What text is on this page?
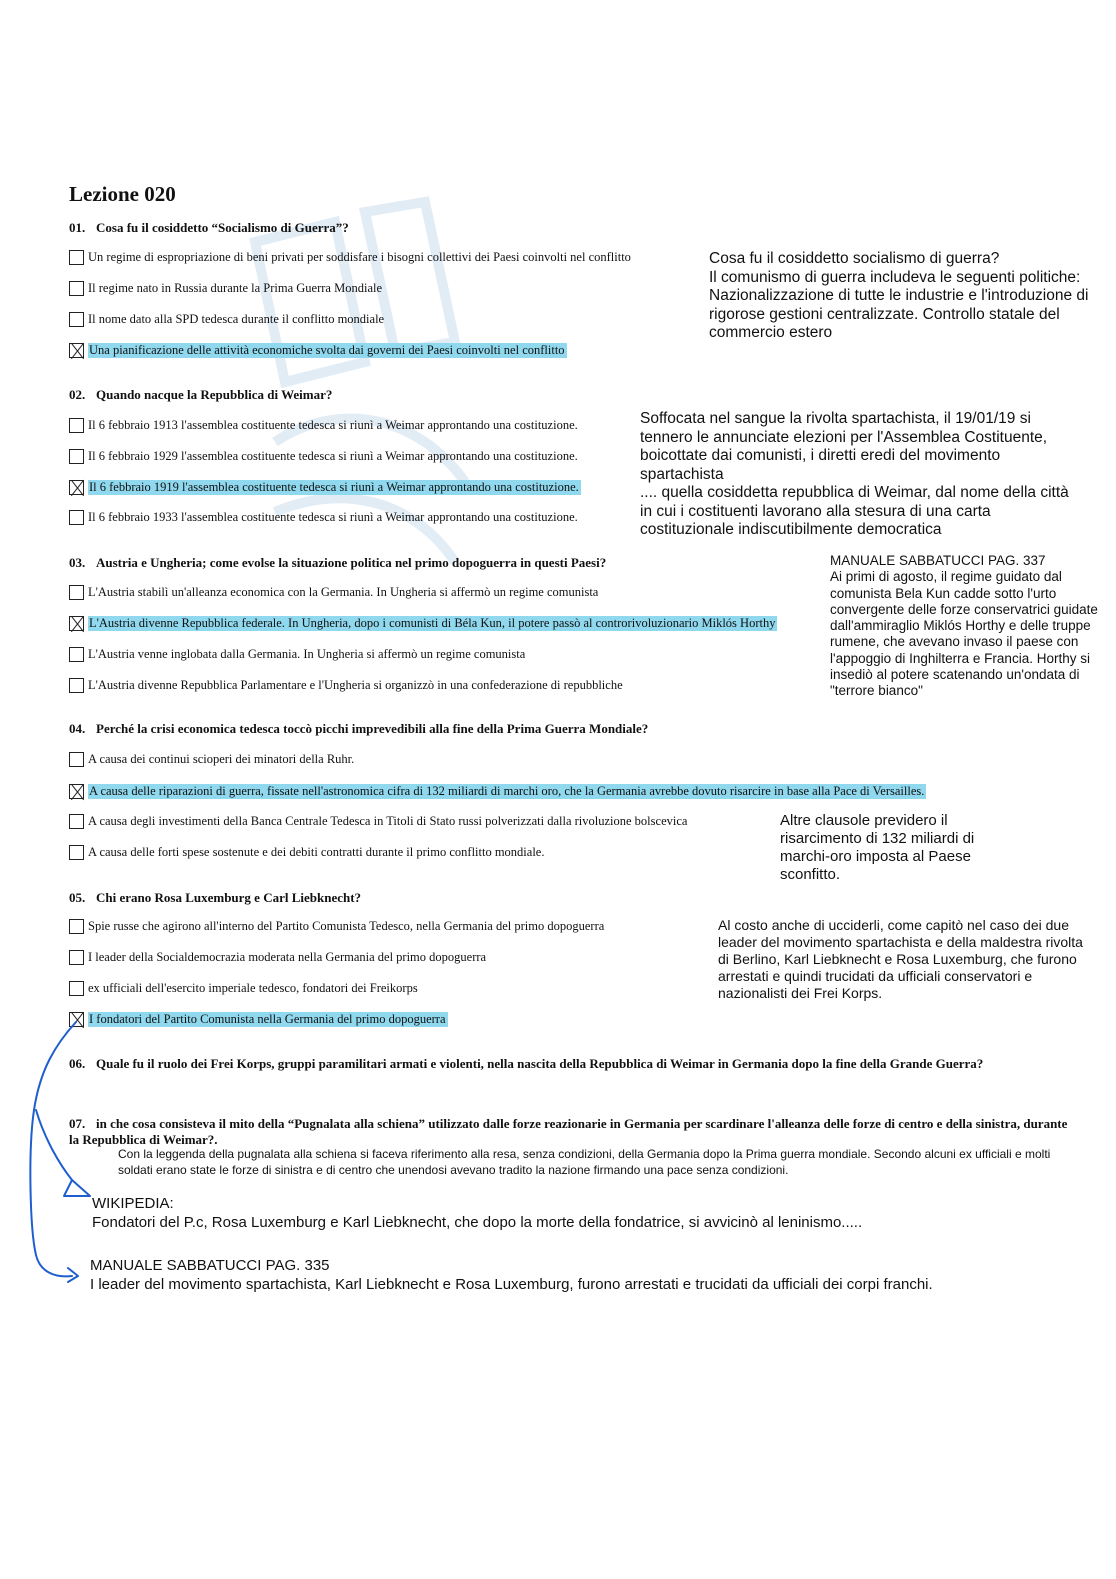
Lezione 020
01. Cosa fu il cosiddetto “Socialismo di Guerra”?
Un regime di espropriazione di beni privati per soddisfare i bisogni collettivi dei Paesi coinvolti nel conflitto
Il regime nato in Russia durante la Prima Guerra Mondiale
Il nome dato alla SPD tedesca durante il conflitto mondiale
Una pianificazione delle attività economiche svolta dai governi dei Paesi coinvolti nel conflitto
02. Quando nacque la Repubblica di Weimar?
Il 6 febbraio 1913 l'assemblea costituente tedesca si riunì a Weimar approntando una costituzione.
Il 6 febbraio 1929 l'assemblea costituente tedesca si riunì a Weimar approntando una costituzione.
Il 6 febbraio 1919 l'assemblea costituente tedesca si riunì a Weimar approntando una costituzione.
Il 6 febbraio 1933 l'assemblea costituente tedesca si riunì a Weimar approntando una costituzione.
03. Austria e Ungheria; come evolse la situazione politica nel primo dopoguerra in questi Paesi?
L'Austria stabilì un'alleanza economica con la Germania. In Ungheria si affermò un regime comunista
L'Austria divenne Repubblica federale. In Ungheria, dopo i comunisti di Béla Kun, il potere passò al controrivoluzionario Miklós Horthy
L'Austria venne inglobata dalla Germania. In Ungheria si affermò un regime comunista
L'Austria divenne Repubblica Parlamentare e l'Ungheria si organizzò in una confederazione di repubbliche
04. Perché la crisi economica tedesca toccò picchi imprevedibili alla fine della Prima Guerra Mondiale?
A causa dei continui scioperi dei minatori della Ruhr.
A causa delle riparazioni di guerra, fissate nell'astronomica cifra di 132 miliardi di marchi oro, che la Germania avrebbe dovuto risarcire in base alla Pace di Versailles.
A causa degli investimenti della Banca Centrale Tedesca in Titoli di Stato russi polverizzati dalla rivoluzione bolscevica
A causa delle forti spese sostenute e dei debiti contratti durante il primo conflitto mondiale.
05. Chi erano Rosa Luxemburg e Carl Liebknecht?
Spie russe che agirono all'interno del Partito Comunista Tedesco, nella Germania del primo dopoguerra
I leader della Socialdemocrazia moderata nella Germania del primo dopoguerra
ex ufficiali dell'esercito imperiale tedesco, fondatori dei Freikorps
I fondatori del Partito Comunista nella Germania del primo dopoguerra
06. Quale fu il ruolo dei Frei Korps, gruppi paramilitari armati e violenti, nella nascita della Repubblica di Weimar in Germania dopo la fine della Grande Guerra?
07. in che cosa consisteva il mito della “Pugnalata alla schiena” utilizzato dalle forze reazionarie in Germania per scardinare l'alleanza delle forze di centro e della sinistra, durante la Repubblica di Weimar?.
Cosa fu il cosiddetto socialismo di guerra?
Il comunismo di guerra includeva le seguenti politiche: Nazionalizzazione di tutte le industrie e l'introduzione di rigorose gestioni centralizzate. Controllo statale del commercio estero
Soffocata nel sangue la rivolta spartachista, il 19/01/19 si tennero le annunciate elezioni per l'Assemblea Costituente, boicottate dai comunisti, i diretti eredi del movimento spartachista
.... quella cosiddetta repubblica di Weimar, dal nome della città in cui i costituenti lavorano alla stesura di una carta costituzionale indiscutibilmente democratica
MANUALE SABBATUCCI PAG. 337
Ai primi di agosto, il regime guidato dal comunista Bela Kun cadde sotto l'urto convergente delle forze conservatrici guidate dall'ammiraglio Miklós Horthy e delle truppe rumene, che avevano invaso il paese con l'appoggio di Inghilterra e Francia. Horthy si insediò al potere scatenando un'ondata di "terrore bianco"
Altre clausole previdero il risarcimento di 132 miliardi di marchi-oro imposta al Paese sconfitto.
Al costo anche di ucciderli, come capitò nel caso dei due leader del movimento spartachista e della maldestra rivolta di Berlino, Karl Liebknecht e Rosa Luxemburg, che furono arrestati e quindi trucidati da ufficiali conservatori e nazionalisti dei Frei Korps.
Con la leggenda della pugnalata alla schiena si faceva riferimento alla resa, senza condizioni, della Germania dopo la Prima guerra mondiale. Secondo alcuni ex ufficiali e molti soldati erano state le forze di sinistra e di centro che unendosi avevano tradito la nazione firmando una pace senza condizioni.
WIKIPEDIA:
Fondatori del P.c, Rosa Luxemburg e Karl Liebknecht, che dopo la morte della fondatrice, si avvicinò al leninismo.....
MANUALE SABBATUCCI PAG. 335
I leader del movimento spartachista, Karl Liebknecht e Rosa Luxemburg, furono arrestati e trucidati da ufficiali dei corpi franchi.
